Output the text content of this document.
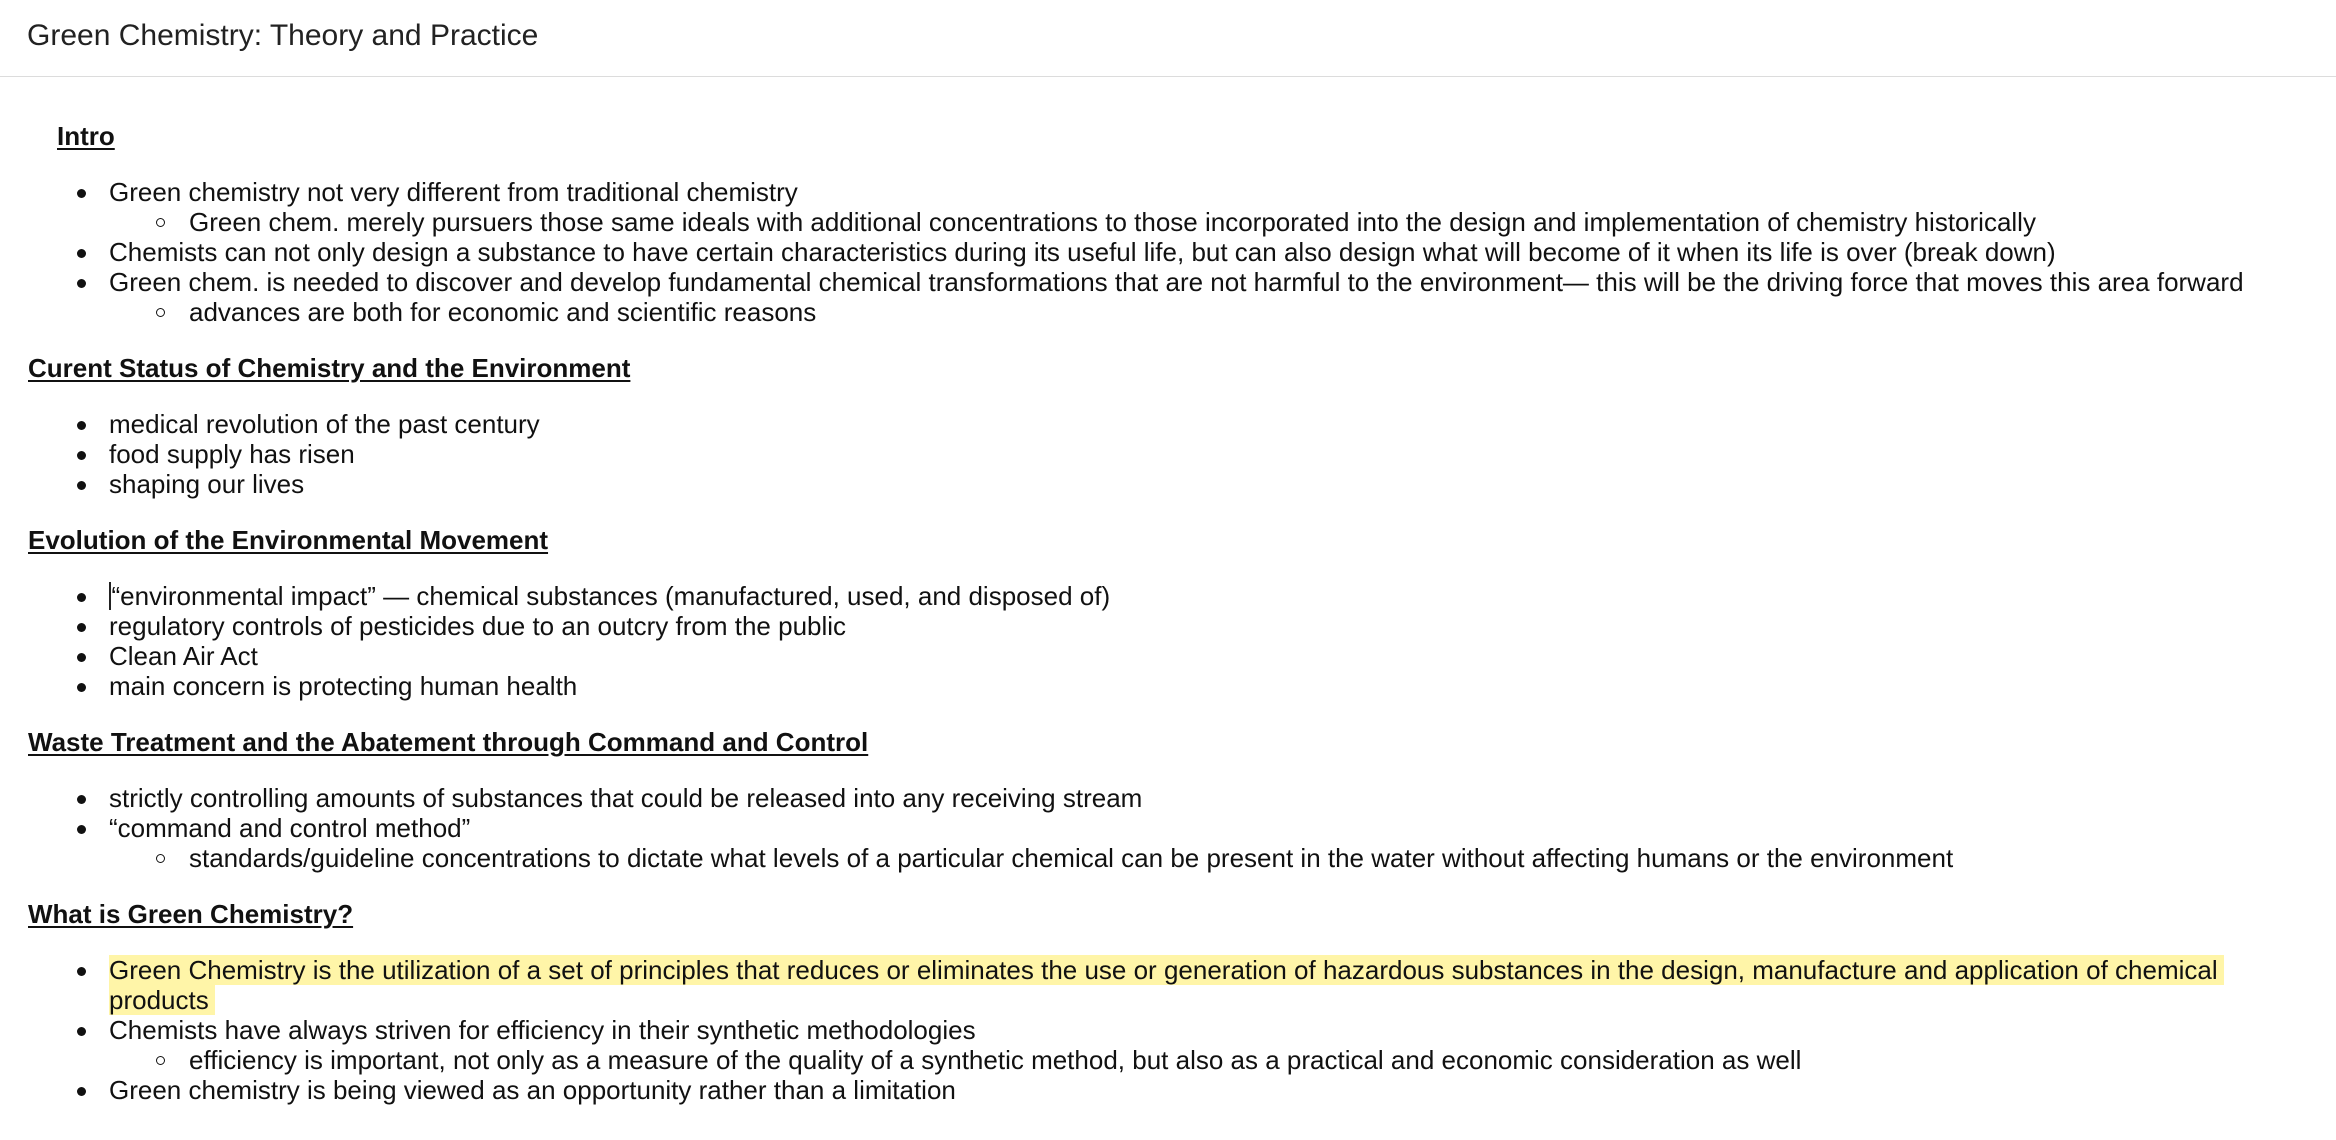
Green Chemistry: Theory and Practice
Intro
Green chemistry not very different from traditional chemistry
Green chem. merely pursuers those same ideals with additional concentrations to those incorporated into the design and implementation of chemistry historically
Chemists can not only design a substance to have certain characteristics during its useful life, but can also design what will become of it when its life is over (break down)
Green chem. is needed to discover and develop fundamental chemical transformations that are not harmful to the environment— this will be the driving force that moves this area forward
advances are both for economic and scientific reasons
Curent Status of Chemistry and the Environment
medical revolution of the past century
food supply has risen
shaping our lives
Evolution of the Environmental Movement
“environmental impact” — chemical substances (manufactured, used, and disposed of)
regulatory controls of pesticides due to an outcry from the public
Clean Air Act
main concern is protecting human health
Waste Treatment and the Abatement through Command and Control
strictly controlling amounts of substances that could be released into any receiving stream
“command and control method”
standards/guideline concentrations to dictate what levels of a particular chemical can be present in the water without affecting humans or the environment
What is Green Chemistry?
Green Chemistry is the utilization of a set of principles that reduces or eliminates the use or generation of hazardous substances in the design, manufacture and application of chemical products
Chemists have always striven for efficiency in their synthetic methodologies
efficiency is important, not only as a measure of the quality of a synthetic method, but also as a practical and economic consideration as well
Green chemistry is being viewed as an opportunity rather than a limitation
